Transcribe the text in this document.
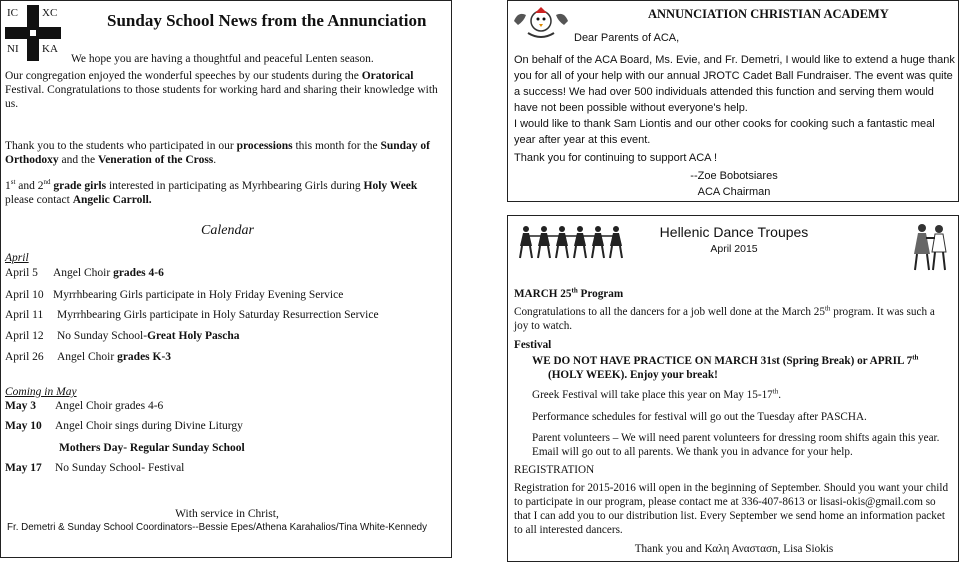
IC XC
NI KA
Sunday School News from the Annunciation
We hope you are having a thoughtful and peaceful Lenten season.

Our congregation enjoyed the wonderful speeches by our students during the Oratorical
Festival. Congratulations to those students for working hard and sharing their knowledge with us.

Thank you to the students who participated in our processions this month for the Sunday of Orthodoxy and the Veneration of the Cross.

1st and 2nd grade girls interested in participating as Myrhbearing Girls during Holy Week
please contact Angelic Carroll.

Calendar
April
April 5 Angel Choir grades 4-6
April 10 Myrrhbearing Girls participate in Holy Friday Evening Service
April 11 Myrrhbearing Girls participate in Holy Saturday Resurrection Service
April 12 No Sunday School-Great Holy Pascha
April 26 Angel Choir grades K-3
Coming in May
May 3 Angel Choir grades 4-6
May 10 Angel Choir sings during Divine Liturgy
Mothers Day- Regular Sunday School
May 17 No Sunday School- Festival
With service in Christ,
Fr. Demetri & Sunday School Coordinators--Bessie Epes/Athena Karahalios/Tina White-Kennedy
ANNUNCIATION CHRISTIAN ACADEMY
Dear Parents of ACA,

On behalf of the ACA Board, Ms. Evie, and Fr. Demetri, I would like to extend a huge thank you for all of your help with our annual JROTC Cadet Ball Fundraiser. The event was quite a success! We had over 500 individuals attended this function and serving them would have not been possible without everyone's help.

I would like to thank Sam Liontis and our other cooks for cooking such a fantastic meal year after year at this event.

Thank you for continuing to support ACA !

--Zoe Bobotsiares
ACA Chairman
Hellenic Dance Troupes
April 2015

MARCH 25th Program

Congratulations to all the dancers for a job well done at the March 25th program. It was such a joy to watch.

Festival

WE DO NOT HAVE PRACTICE ON MARCH 31st (Spring Break) or APRIL 7th
(HOLY WEEK). Enjoy your break!

Greek Festival will take place this year on May 15-17th.

Performance schedules for festival will go out the Tuesday after PASCHA.

Parent volunteers – We will need parent volunteers for dressing room shifts again this year. Email will go out to all parents. We thank you in advance for your help.

REGISTRATION

Registration for 2015-2016 will open in the beginning of September. Should you want your child to participate in our program, please contact me at 336-407-8613 or lisasi-okis@gmail.com so that I can add you to our distribution list. Every September we send home an information packet to all interested dancers.

Thank you and Καλη Αναστασn, Lisa Siokis
